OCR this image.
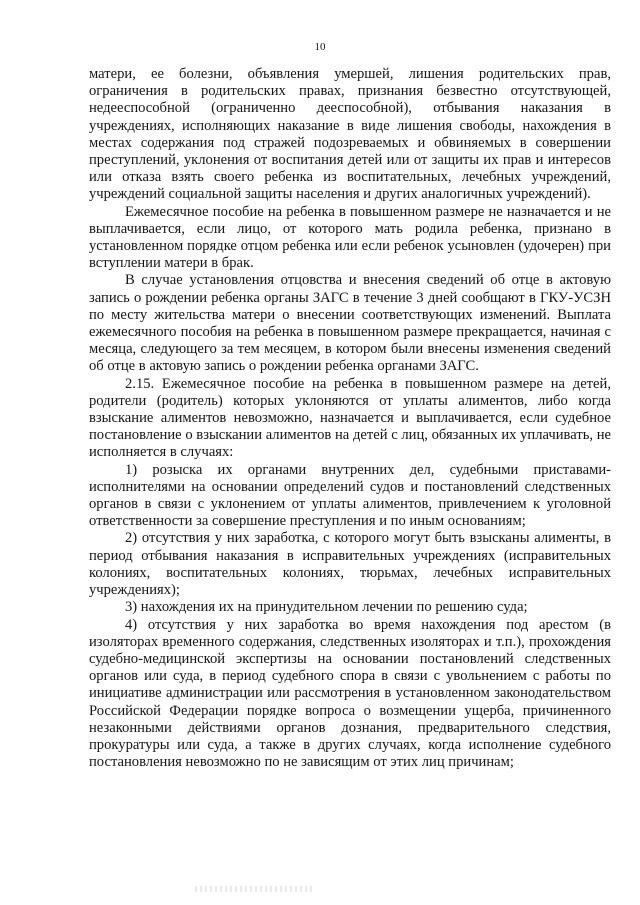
10

матери, ее болезни, объявления умершей, лишения родительских прав, ограничения в родительских правах, признания безвестно отсутствующей, недееспособной (ограниченно дееспособной), отбывания наказания в учреждениях, исполняющих наказание в виде лишения свободы, нахождения в местах содержания под стражей подозреваемых и обвиняемых в совершении преступлений, уклонения от воспитания детей или от защиты их прав и интересов или отказа взять своего ребенка из воспитательных, лечебных учреждений, учреждений социальной защиты населения и других аналогичных учреждений).

Ежемесячное пособие на ребенка в повышенном размере не назначается и не выплачивается, если лицо, от которого мать родила ребенка, признано в установленном порядке отцом ребенка или если ребенок усыновлен (удочерен) при вступлении матери в брак.

В случае установления отцовства и внесения сведений об отце в актовую запись о рождении ребенка органы ЗАГС в течение 3 дней сообщают в ГКУ-УСЗН по месту жительства матери о внесении соответствующих изменений. Выплата ежемесячного пособия на ребенка в повышенном размере прекращается, начиная с месяца, следующего за тем месяцем, в котором были внесены изменения сведений об отце в актовую запись о рождении ребенка органами ЗАГС.

2.15. Ежемесячное пособие на ребенка в повышенном размере на детей, родители (родитель) которых уклоняются от уплаты алиментов, либо когда взыскание алиментов невозможно, назначается и выплачивается, если судебное постановление о взыскании алиментов на детей с лиц, обязанных их уплачивать, не исполняется в случаях:

1) розыска их органами внутренних дел, судебными приставами-исполнителями на основании определений судов и постановлений следственных органов в связи с уклонением от уплаты алиментов, привлечением к уголовной ответственности за совершение преступления и по иным основаниям;

2) отсутствия у них заработка, с которого могут быть взысканы алименты, в период отбывания наказания в исправительных учреждениях (исправительных колониях, воспитательных колониях, тюрьмах, лечебных исправительных учреждениях);

3) нахождения их на принудительном лечении по решению суда;

4) отсутствия у них заработка во время нахождения под арестом (в изоляторах временного содержания, следственных изоляторах и т.п.), прохождения судебно-медицинской экспертизы на основании постановлений следственных органов или суда, в период судебного спора в связи с увольнением с работы по инициативе администрации или рассмотрения в установленном законодательством Российской Федерации порядке вопроса о возмещении ущерба, причиненного незаконными действиями органов дознания, предварительного следствия, прокуратуры или суда, а также в других случаях, когда исполнение судебного постановления невозможно по не зависящим от этих лиц причинам;
